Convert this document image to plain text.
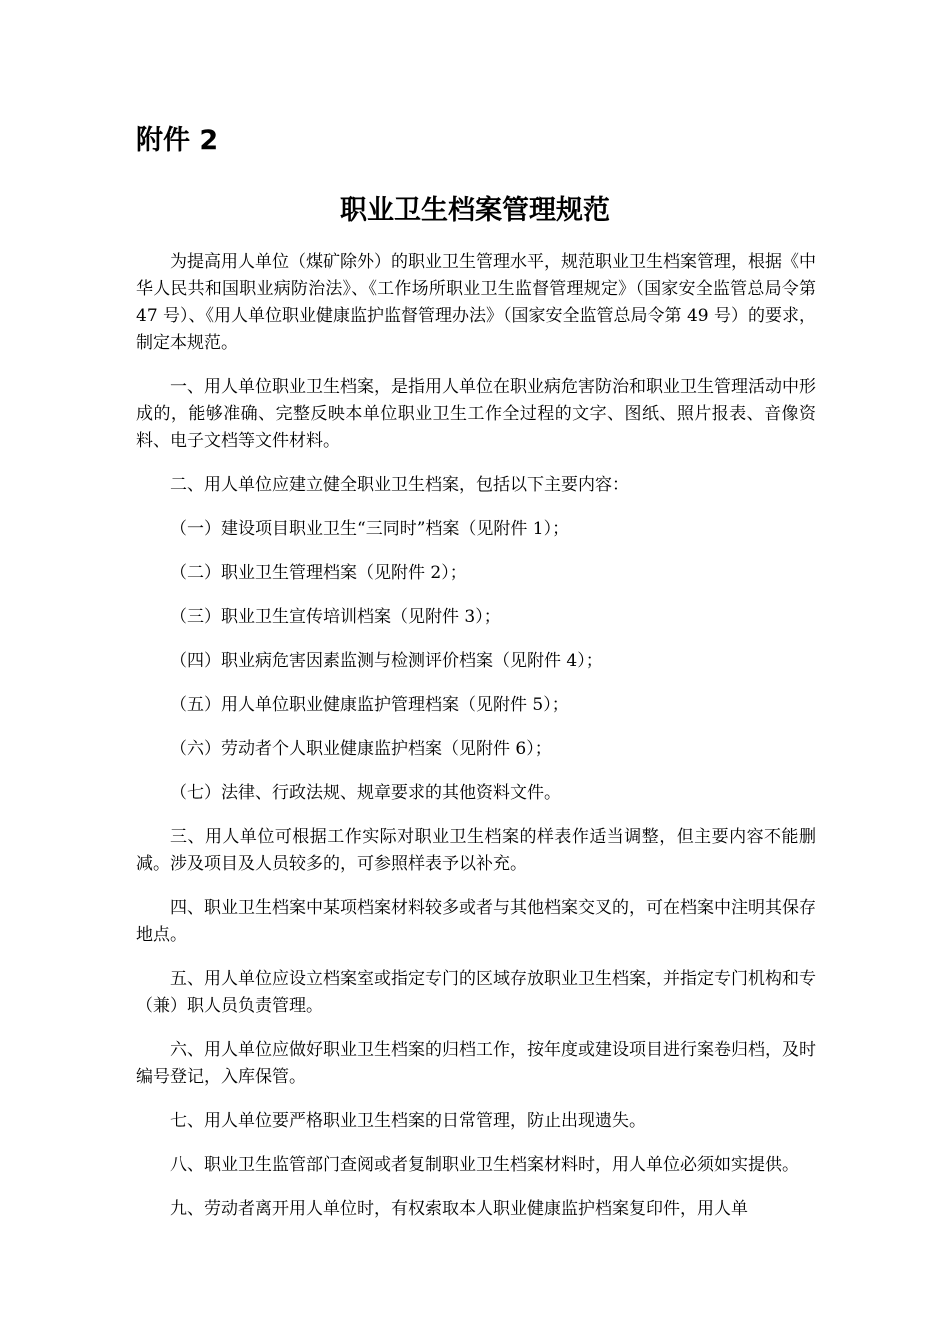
附件 2
职业卫生档案管理规范

为提高用人单位（煤矿除外）的职业卫生管理水平，规范职业卫生档案管理，根据《中华人民共和国职业病防治法》、《工作场所职业卫生监督管理规定》（国家安全监管总局令第 47 号）、《用人单位职业健康监护监督管理办法》（国家安全监管总局令第 49 号）的要求，制定本规范。

一、用人单位职业卫生档案，是指用人单位在职业病危害防治和职业卫生管理活动中形成的，能够准确、完整反映本单位职业卫生工作全过程的文字、图纸、照片报表、音像资料、电子文档等文件材料。

二、用人单位应建立健全职业卫生档案，包括以下主要内容：

（一）建设项目职业卫生“三同时”档案（见附件 1）；

（二）职业卫生管理档案（见附件 2）；

（三）职业卫生宣传培训档案（见附件 3）；

（四）职业病危害因素监测与检测评价档案（见附件 4）；

（五）用人单位职业健康监护管理档案（见附件 5）；

（六）劳动者个人职业健康监护档案（见附件 6）；

（七）法律、行政法规、规章要求的其他资料文件。

三、用人单位可根据工作实际对职业卫生档案的样表作适当调整，但主要内容不能删减。涉及项目及人员较多的，可参照样表予以补充。

四、职业卫生档案中某项档案材料较多或者与其他档案交叉的，可在档案中注明其保存地点。

五、用人单位应设立档案室或指定专门的区域存放职业卫生档案，并指定专门机构和专（兼）职人员负责管理。

六、用人单位应做好职业卫生档案的归档工作，按年度或建设项目进行案卷归档，及时编号登记，入库保管。

七、用人单位要严格职业卫生档案的日常管理，防止出现遗失。

八、职业卫生监管部门查阅或者复制职业卫生档案材料时，用人单位必须如实提供。

九、劳动者离开用人单位时，有权索取本人职业健康监护档案复印件，用人单
